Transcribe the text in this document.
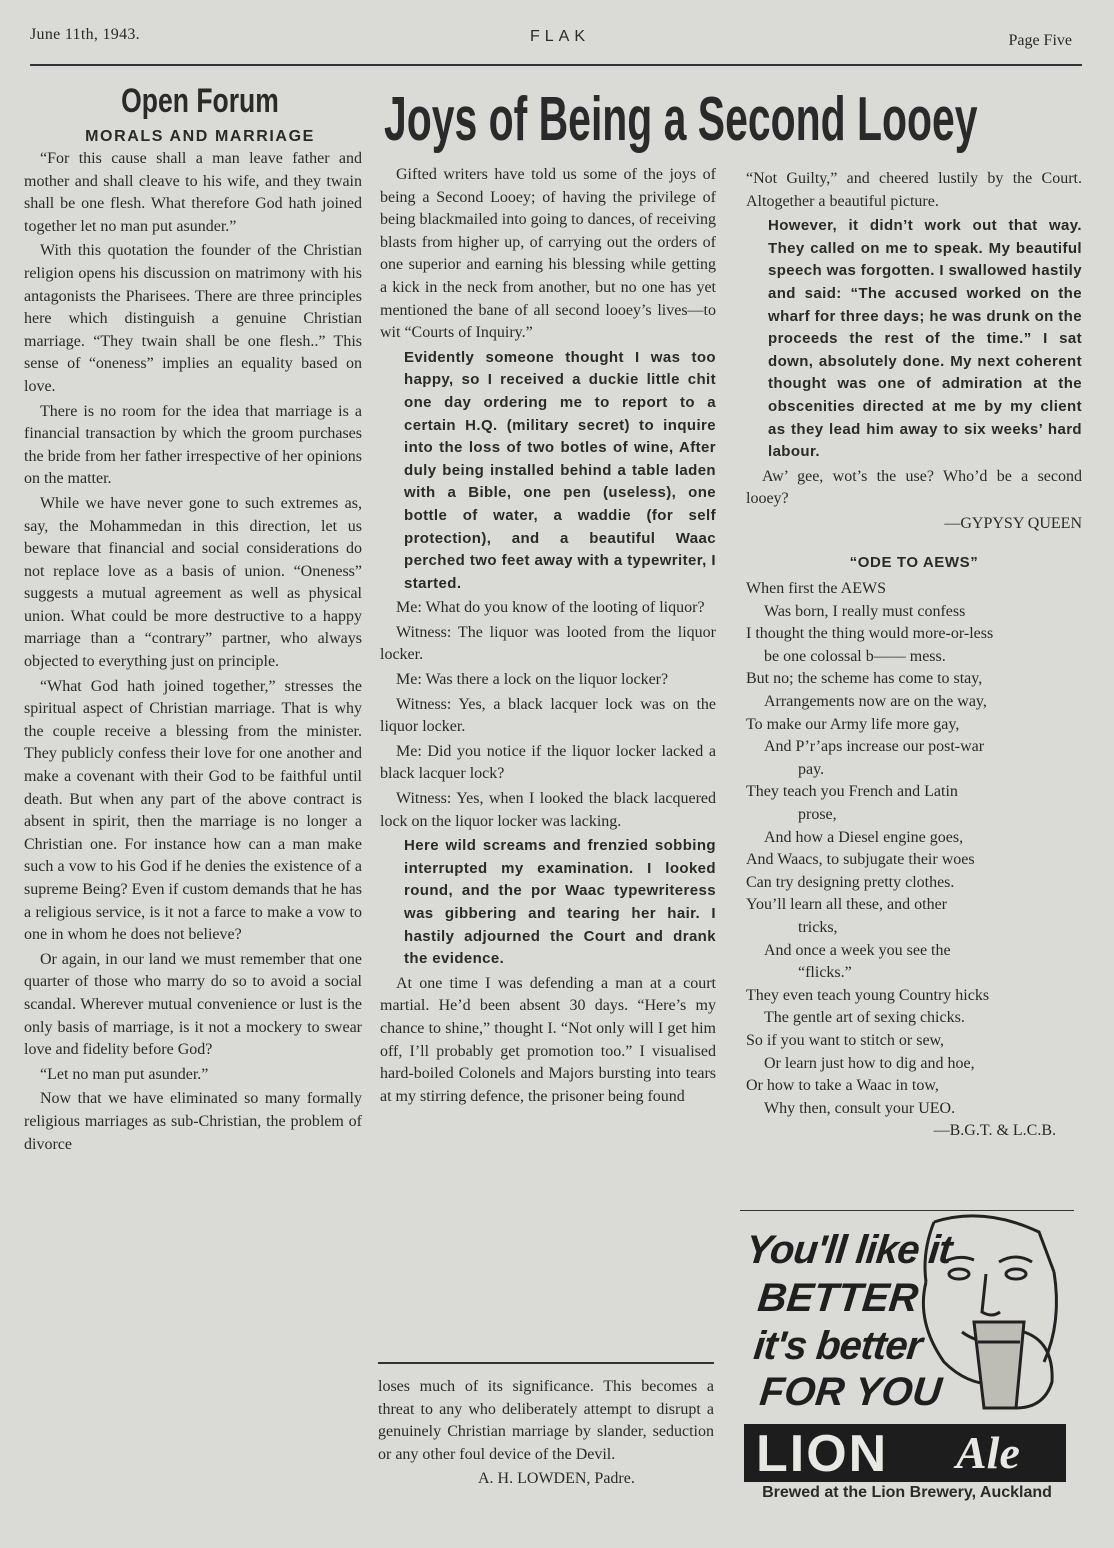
June 11th, 1943.	FLAK	Page Five
Open Forum
MORALS AND MARRIAGE

“For this cause shall a man leave father and mother and shall cleave to his wife, and they twain shall be one flesh. What therefore God hath joined together let no man put asunder.”

With this quotation the founder of the Christian religion opens his discussion on matrimony with his antagonists the Pharisees. There are three principles here which distinguish a genuine Christian marriage. “They twain shall be one flesh..” This sense of “oneness” implies an equality based on love.

There is no room for the idea that marriage is a financial transaction by which the groom purchases the bride from her father irrespective of her opinions on the matter.

While we have never gone to such extremes as, say, the Mohammedan in this direction, let us beware that financial and social considerations do not replace love as a basis of union. “Oneness” suggests a mutual agreement as well as physical union. What could be more destructive to a happy marriage than a “contrary” partner, who always objected to everything just on principle.

“What God hath joined together,” stresses the spiritual aspect of Christian marriage. That is why the couple receive a blessing from the minister. They publicly confess their love for one another and make a covenant with their God to be faithful until death. But when any part of the above contract is absent in spirit, then the marriage is no longer a Christian one. For instance how can a man make such a vow to his God if he denies the existence of a supreme Being? Even if custom demands that he has a religious service, is it not a farce to make a vow to one in whom he does not believe?

Or again, in our land we must remember that one quarter of those who marry do so to avoid a social scandal. Wherever mutual convenience or lust is the only basis of marriage, is it not a mockery to swear love and fidelity before God?

“Let no man put asunder.”

Now that we have eliminated so many formally religious marriages as sub-Christian, the problem of divorce

Joys of Being a Second Looey

Gifted writers have told us some of the joys of being a Second Looey; of having the privilege of being blackmailed into going to dances, of receiving blasts from higher up, of carrying out the orders of one superior and earning his blessing while getting a kick in the neck from another, but no one has yet mentioned the bane of all second looey’s lives—to wit “Courts of Inquiry.”

Evidently someone thought I was too happy, so I received a duckie little chit one day ordering me to report to a certain H.Q. (military secret) to inquire into the loss of two botles of wine, After duly being installed behind a table laden with a Bible, one pen (useless), one bottle of water, a waddie (for self protection), and a beautiful Waac perched two feet away with a typewriter, I started.

Me: What do you know of the looting of liquor?

Witness: The liquor was looted from the liquor locker.

Me: Was there a lock on the liquor locker?

Witness: Yes, a black lacquer lock was on the liquor locker.

Me: Did you notice if the liquor locker lacked a black lacquer lock?

Witness: Yes, when I looked the black lacquered lock on the liquor locker was lacking.

Here wild screams and frenzied sobbing interrupted my examination. I looked round, and the por Waac typewriteress was gibbering and tearing her hair. I hastily adjourned the Court and drank the evidence.

At one time I was defending a man at a court martial. He’d been absent 30 days. “Here’s my chance to shine,” thought I. “Not only will I get him off, I’ll probably get promotion too.” I visualised hard-boiled Colonels and Majors bursting into tears at my stirring defence, the prisoner being found

loses much of its significance. This becomes a threat to any who deliberately attempt to disrupt a genuinely Christian marriage by slander, seduction or any other foul device of the Devil.

A. H. LOWDEN, Padre.

“Not Guilty,” and cheered lustily by the Court. Altogether a beautiful picture.

However, it didn’t work out that way. They called on me to speak. My beautiful speech was forgotten. I swallowed hastily and said: “The accused worked on the wharf for three days; he was drunk on the proceeds the rest of the time.” I sat down, absolutely done. My next coherent thought was one of admiration at the obscenities directed at me by my client as they lead him away to six weeks’ hard labour.

Aw’ gee, wot’s the use? Who’d be a second looey?

—GYPYSY QUEEN
“ODE TO AEWS”
When first the AEWS
Was born, I really must confess
I thought the thing would more-or-less
be one colossal b—— mess.
But no; the scheme has come to stay,
Arrangements now are on the way,
To make our Army life more gay,
And P’r’aps increase our post-war
pay.
They teach you French and Latin
prose,
And how a Diesel engine goes,
And Waacs, to subjugate their woes
Can try designing pretty clothes.
You’ll learn all these, and other
tricks,
And once a week you see the
“flicks.”
They even teach young Country hicks
The gentle art of sexing chicks.
So if you want to stitch or sew,
Or learn just how to dig and hoe,
Or how to take a Waac in tow,
Why then, consult your UEO.
—B.G.T. & L.C.B.
You'll like it
BETTER
it's better
FOR YOU
LION Ale
Brewed at the Lion Brewery, Auckland
